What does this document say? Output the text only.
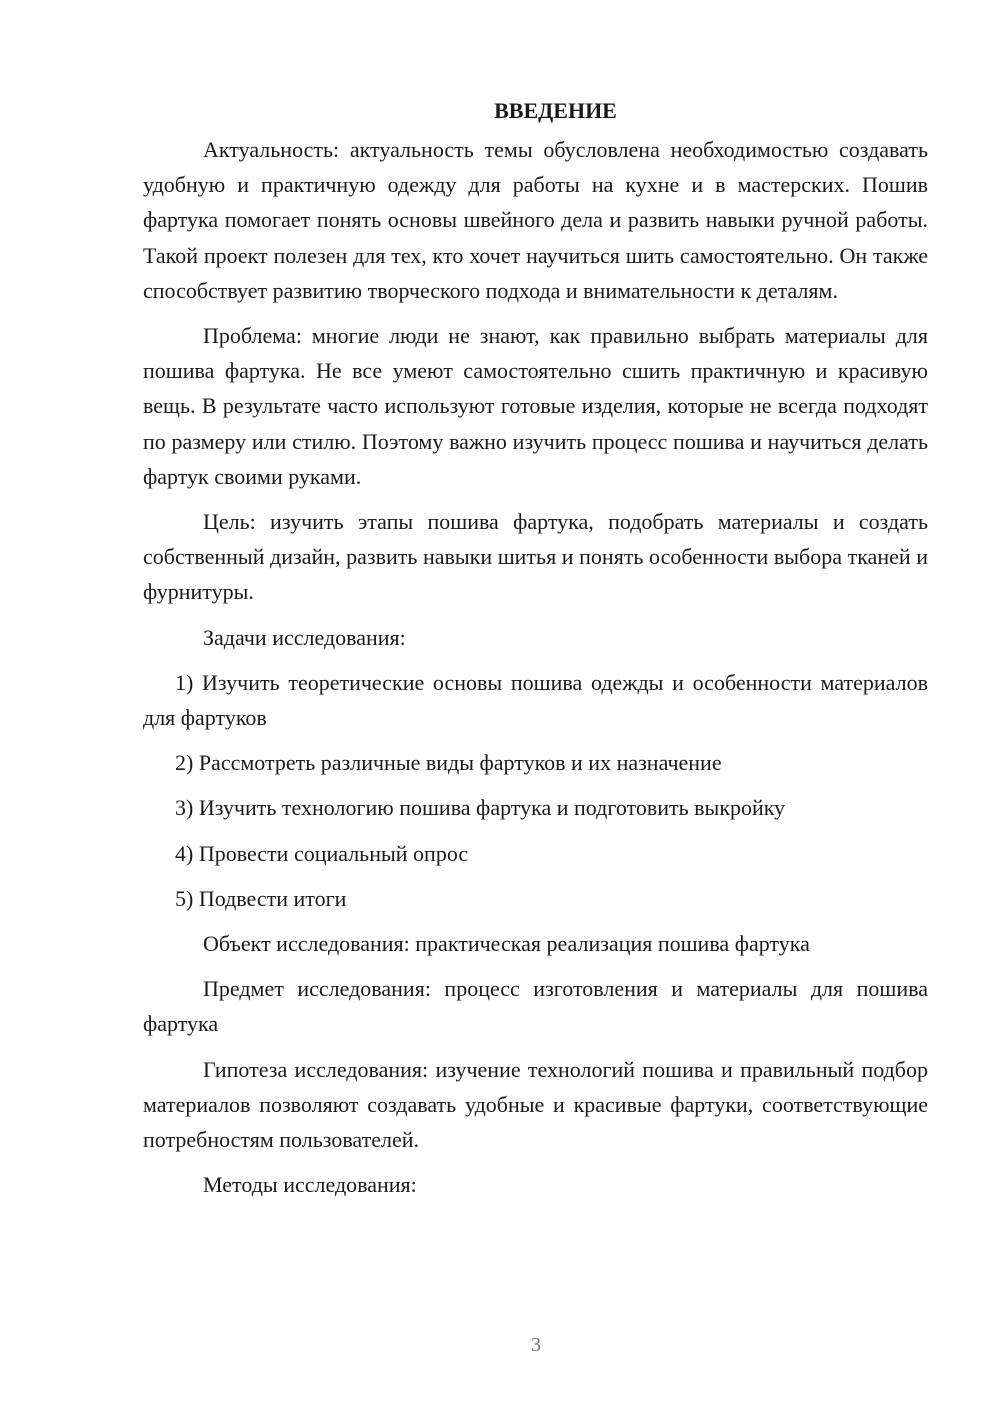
ВВЕДЕНИЕ

Актуальность: актуальность темы обусловлена необходимостью создавать удобную и практичную одежду для работы на кухне и в мастерских. Пошив фартука помогает понять основы швейного дела и развить навыки ручной работы. Такой проект полезен для тех, кто хочет научиться шить самостоятельно. Он также способствует развитию творческого подхода и внимательности к деталям.

Проблема: многие люди не знают, как правильно выбрать материалы для пошива фартука. Не все умеют самостоятельно сшить практичную и красивую вещь. В результате часто используют готовые изделия, которые не всегда подходят по размеру или стилю. Поэтому важно изучить процесс пошива и научиться делать фартук своими руками.

Цель: изучить этапы пошива фартука, подобрать материалы и создать собственный дизайн, развить навыки шитья и понять особенности выбора тканей и фурнитуры.

Задачи исследования:

1) Изучить теоретические основы пошива одежды и особенности материалов для фартуков

2) Рассмотреть различные виды фартуков и их назначение

3) Изучить технологию пошива фартука и подготовить выкройку

4) Провести социальный опрос

5) Подвести итоги

Объект исследования: практическая реализация пошива фартука

Предмет исследования: процесс изготовления и материалы для пошива фартука

Гипотеза исследования: изучение технологий пошива и правильный подбор материалов позволяют создавать удобные и красивые фартуки, соответствующие потребностям пользователей.

Методы исследования:

3
